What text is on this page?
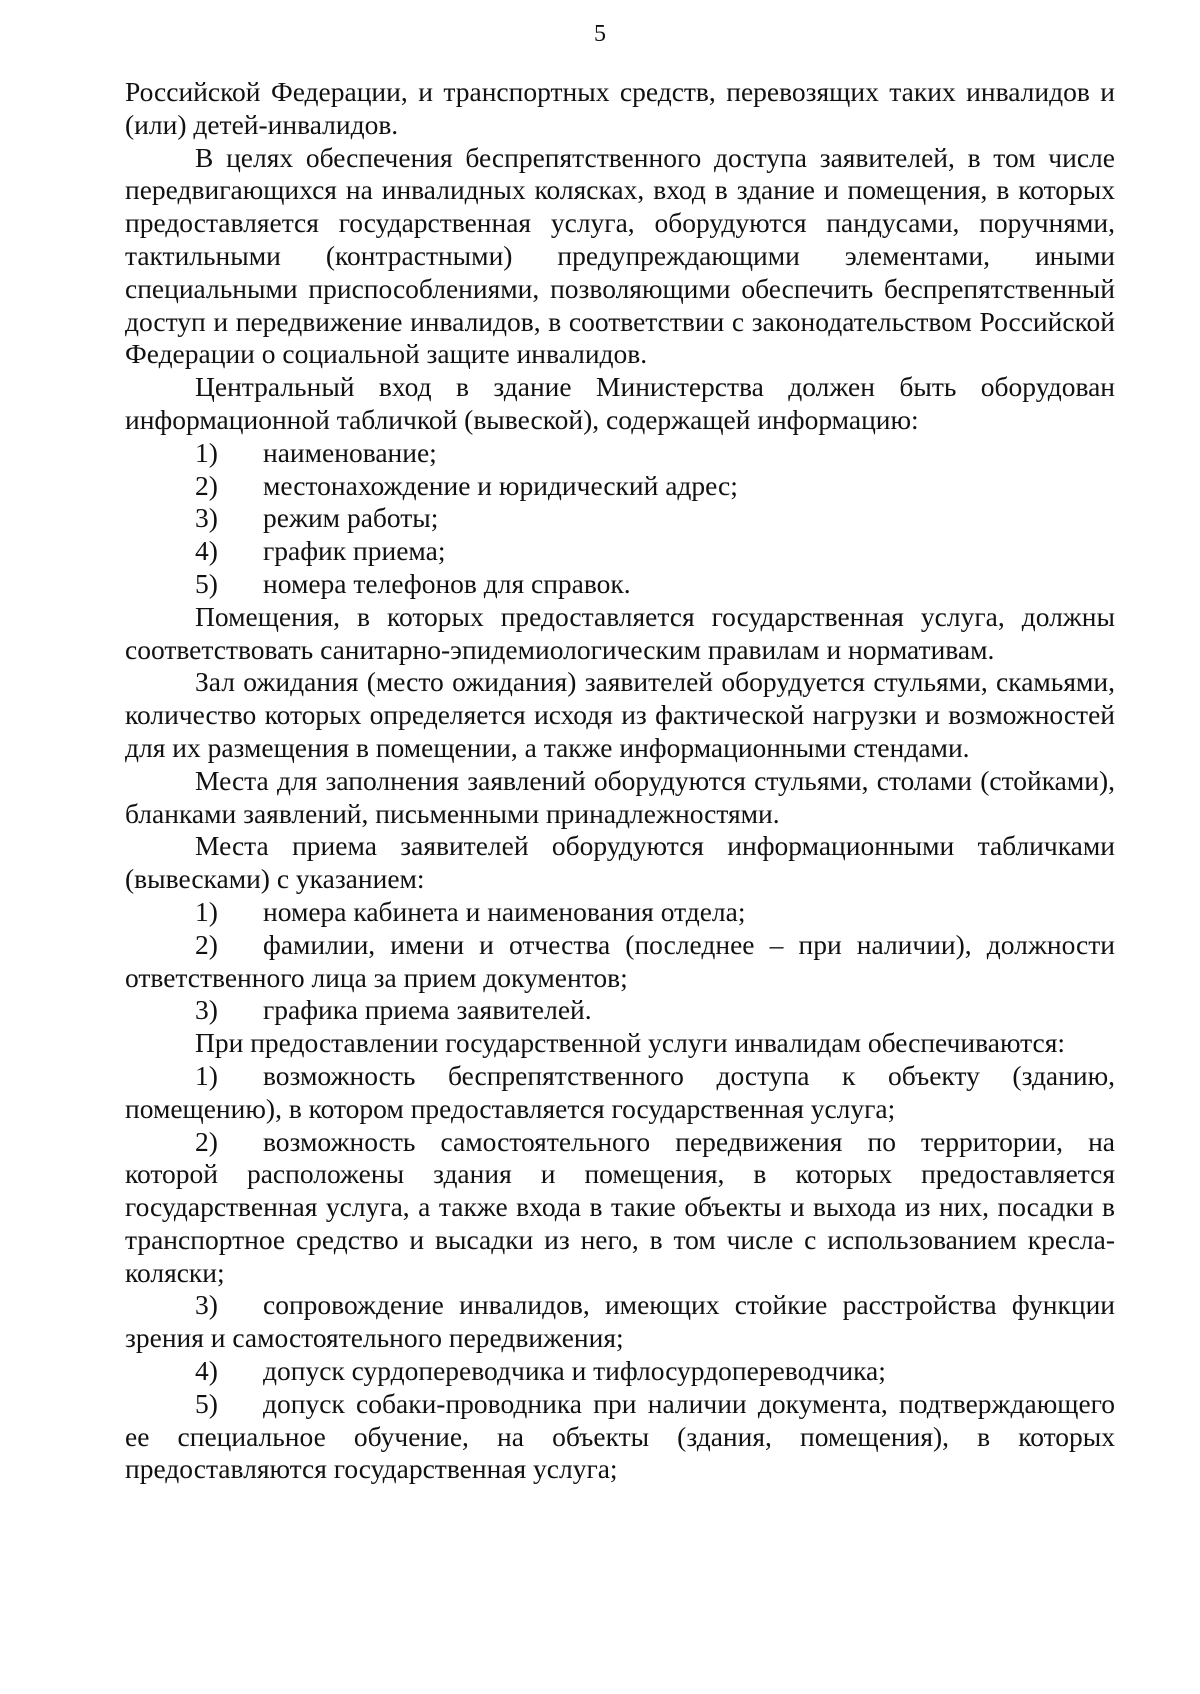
5

Российской Федерации, и транспортных средств, перевозящих таких инвалидов и (или) детей-инвалидов.

В целях обеспечения беспрепятственного доступа заявителей, в том числе передвигающихся на инвалидных колясках, вход в здание и помещения, в которых предоставляется государственная услуга, оборудуются пандусами, поручнями, тактильными (контрастными) предупреждающими элементами, иными специальными приспособлениями, позволяющими обеспечить беспрепятственный доступ и передвижение инвалидов, в соответствии с законодательством Российской Федерации о социальной защите инвалидов.

Центральный вход в здание Министерства должен быть оборудован информационной табличкой (вывеской), содержащей информацию:

1) наименование;

2) местонахождение и юридический адрес;

3) режим работы;

4) график приема;

5) номера телефонов для справок.

Помещения, в которых предоставляется государственная услуга, должны соответствовать санитарно-эпидемиологическим правилам и нормативам.

Зал ожидания (место ожидания) заявителей оборудуется стульями, скамьями, количество которых определяется исходя из фактической нагрузки и возможностей для их размещения в помещении, а также информационными стендами.

Места для заполнения заявлений оборудуются стульями, столами (стойками), бланками заявлений, письменными принадлежностями.

Места приема заявителей оборудуются информационными табличками (вывесками) с указанием:

1) номера кабинета и наименования отдела;

2) фамилии, имени и отчества (последнее – при наличии), должности ответственного лица за прием документов;

3) графика приема заявителей.

При предоставлении государственной услуги инвалидам обеспечиваются:

1) возможность беспрепятственного доступа к объекту (зданию, помещению), в котором предоставляется государственная услуга;

2) возможность самостоятельного передвижения по территории, на которой расположены здания и помещения, в которых предоставляется государственная услуга, а также входа в такие объекты и выхода из них, посадки в транспортное средство и высадки из него, в том числе с использованием кресла-коляски;

3) сопровождение инвалидов, имеющих стойкие расстройства функции зрения и самостоятельного передвижения;

4) допуск сурдопереводчика и тифлосурдопереводчика;

5) допуск собаки-проводника при наличии документа, подтверждающего ее специальное обучение, на объекты (здания, помещения), в которых предоставляются государственная услуга;
